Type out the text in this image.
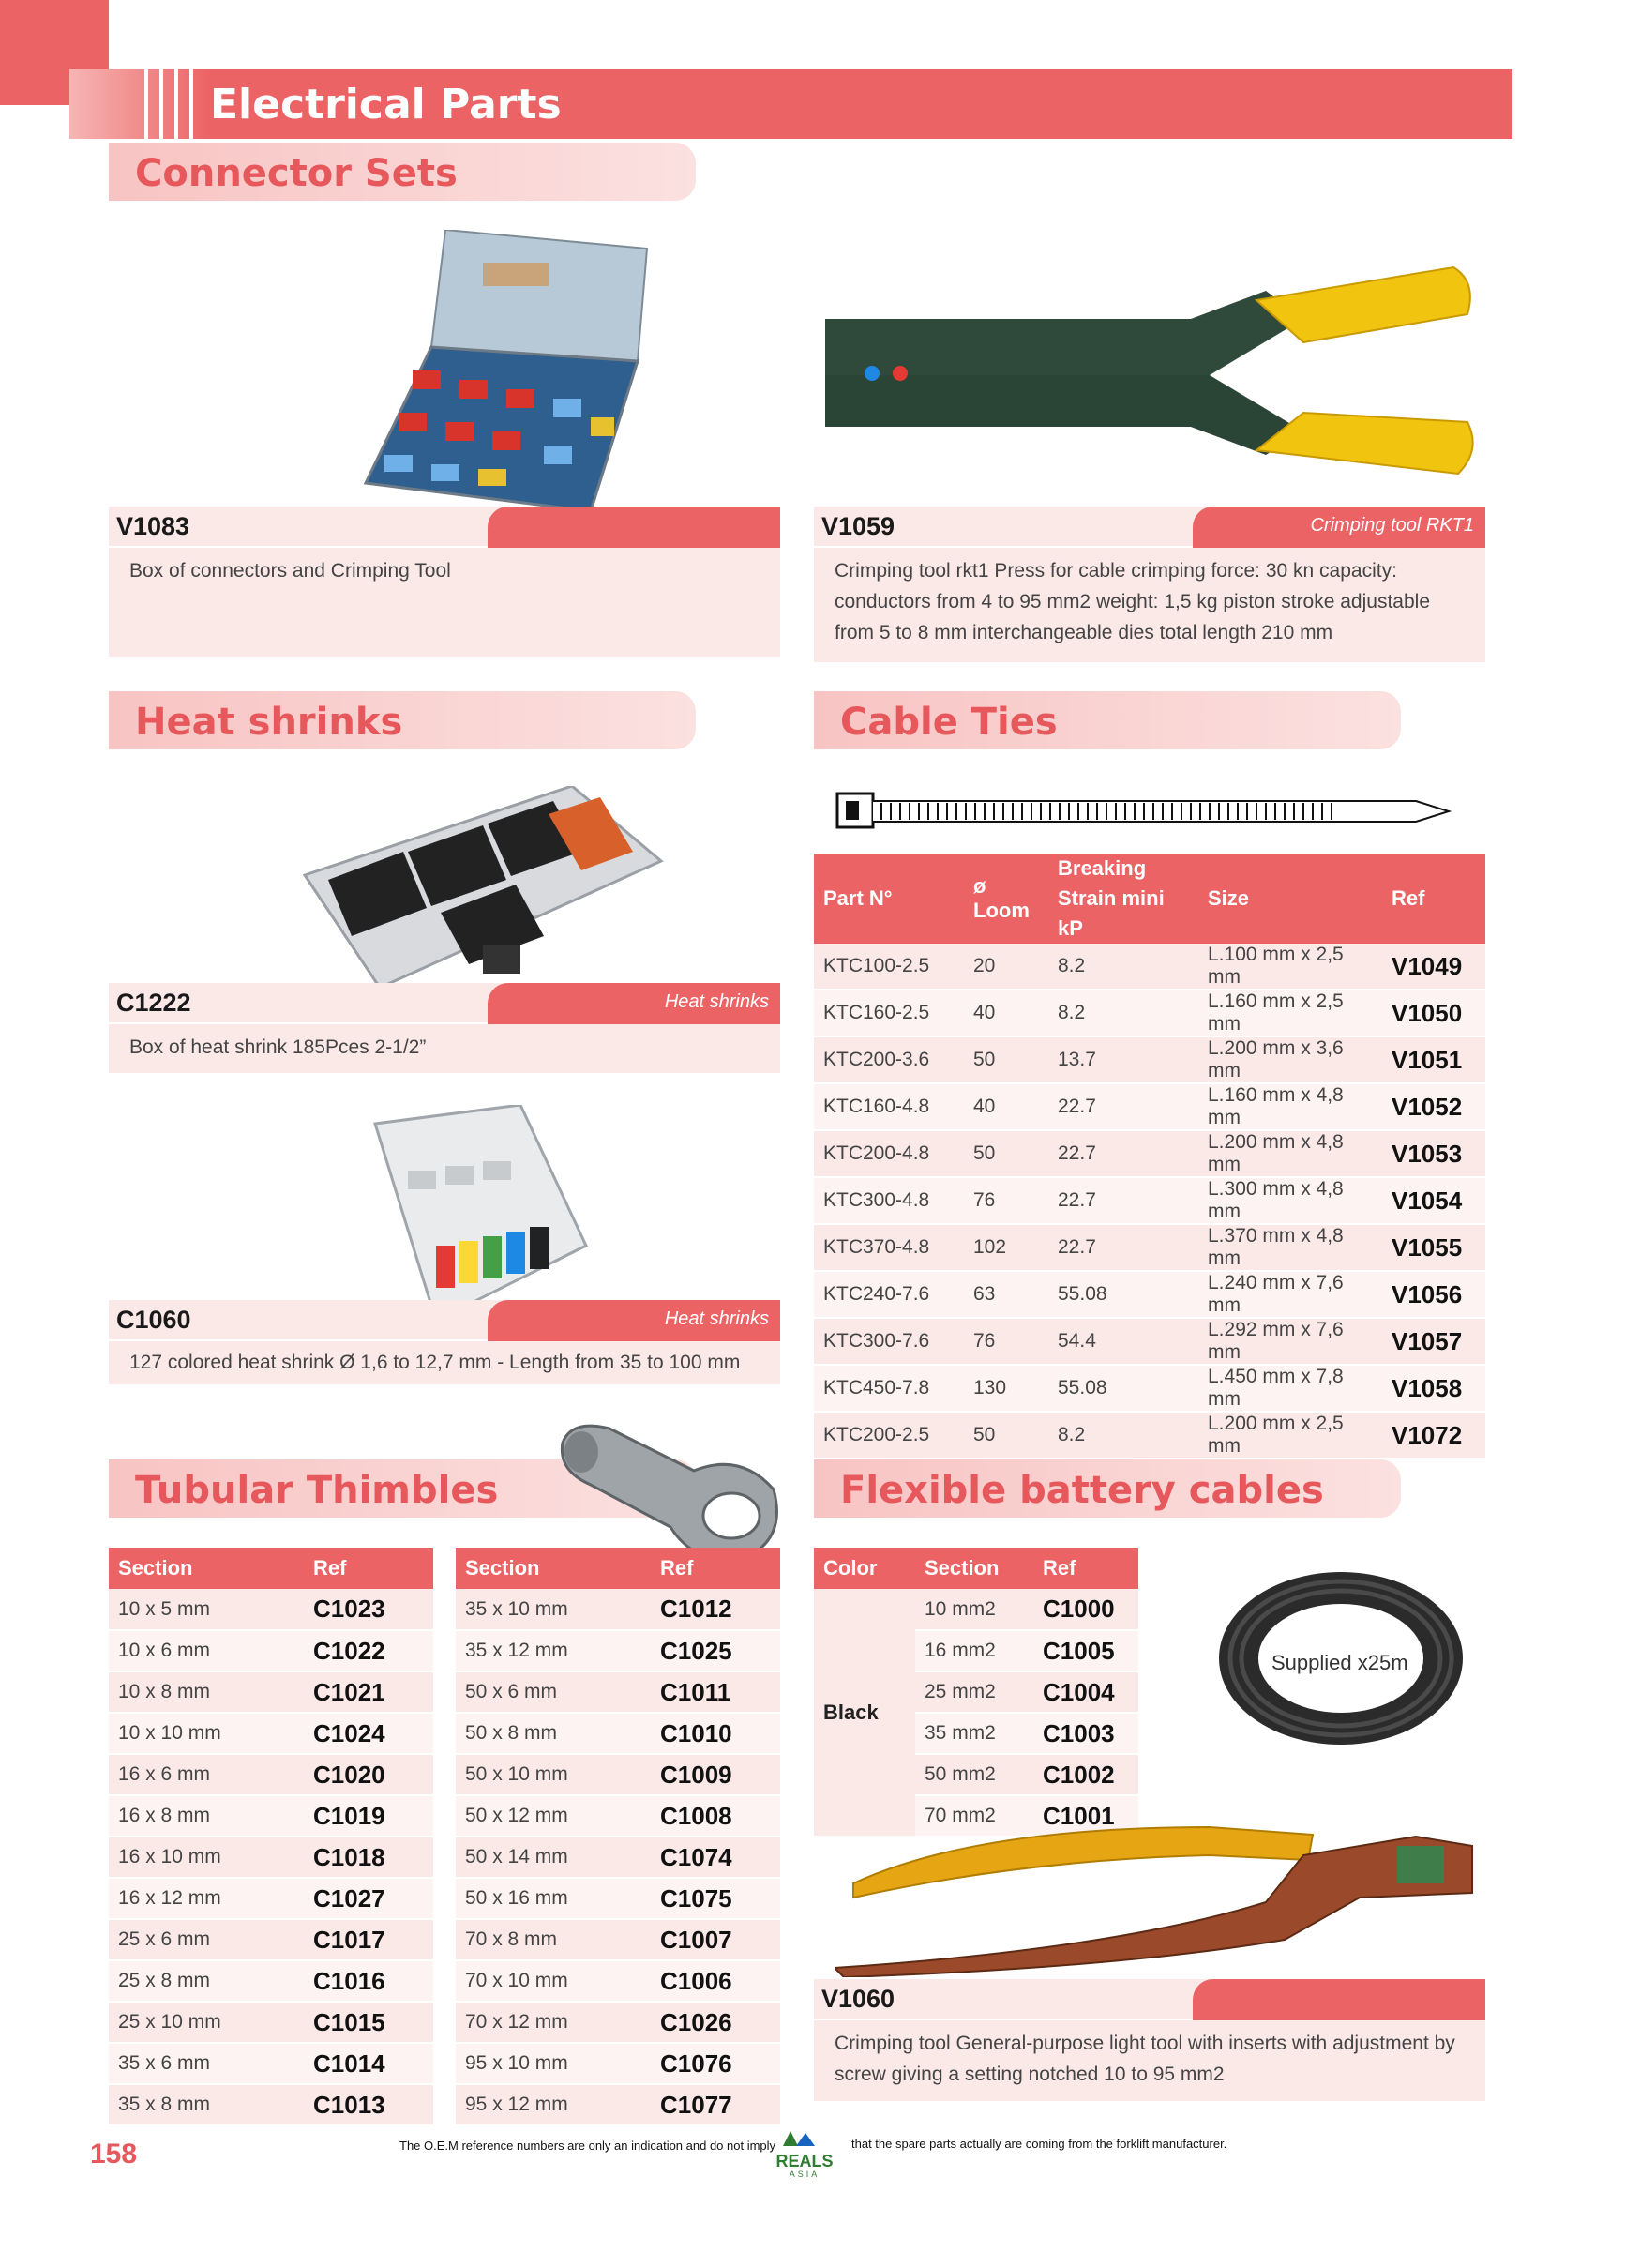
Electrical Parts
Connector Sets
V1083
Box of connectors and Crimping Tool
V1059	Crimping tool RKT1
Crimping tool rkt1 Press for cable crimping force: 30 kn capacity: conductors from 4 to 95 mm2 weight: 1,5 kg piston stroke adjustable from 5 to 8 mm interchangeable dies total length 210 mm
Heat shrinks
C1222	Heat shrinks
Box of heat shrink 185Pces 2-1/2”
C1060	Heat shrinks
127 colored heat shrink Ø 1,6 to 12,7 mm - Length from 35 to 100 mm
Cable Ties
Part N°	ø Loom	Breaking Strain mini kP	Size	Ref
KTC100-2.5	20	8.2	L.100 mm x 2,5 mm	V1049
KTC160-2.5	40	8.2	L.160 mm x 2,5 mm	V1050
KTC200-3.6	50	13.7	L.200 mm x 3,6 mm	V1051
KTC160-4.8	40	22.7	L.160 mm x 4,8 mm	V1052
KTC200-4.8	50	22.7	L.200 mm x 4,8 mm	V1053
KTC300-4.8	76	22.7	L.300 mm x 4,8 mm	V1054
KTC370-4.8	102	22.7	L.370 mm x 4,8 mm	V1055
KTC240-7.6	63	55.08	L.240 mm x 7,6 mm	V1056
KTC300-7.6	76	54.4	L.292 mm x 7,6 mm	V1057
KTC450-7.8	130	55.08	L.450 mm x 7,8 mm	V1058
KTC200-2.5	50	8.2	L.200 mm x 2,5 mm	V1072
Tubular Thimbles
Section	Ref
10 x 5 mm	C1023
10 x 6 mm	C1022
10 x 8 mm	C1021
10 x 10 mm	C1024
16 x 6 mm	C1020
16 x 8 mm	C1019
16 x 10 mm	C1018
16 x 12 mm	C1027
25 x 6 mm	C1017
25 x 8 mm	C1016
25 x 10 mm	C1015
35 x 6 mm	C1014
35 x 8 mm	C1013
Section	Ref
35 x 10 mm	C1012
35 x 12 mm	C1025
50 x 6 mm	C1011
50 x 8 mm	C1010
50 x 10 mm	C1009
50 x 12 mm	C1008
50 x 14 mm	C1074
50 x 16 mm	C1075
70 x 8 mm	C1007
70 x 10 mm	C1006
70 x 12 mm	C1026
95 x 10 mm	C1076
95 x 12 mm	C1077
Flexible battery cables
Color	Section	Ref
Black	10 mm2	C1000
	16 mm2	C1005
	25 mm2	C1004
	35 mm2	C1003
	50 mm2	C1002
	70 mm2	C1001
Supplied x25m
V1060
Crimping tool General-purpose light tool with inserts with adjustment by screw giving a setting notched 10 to 95 mm2
158	The O.E.M reference numbers are only an indication and do not imply	that the spare parts actually are coming from the forklift manufacturer.
REALS
ASIA
